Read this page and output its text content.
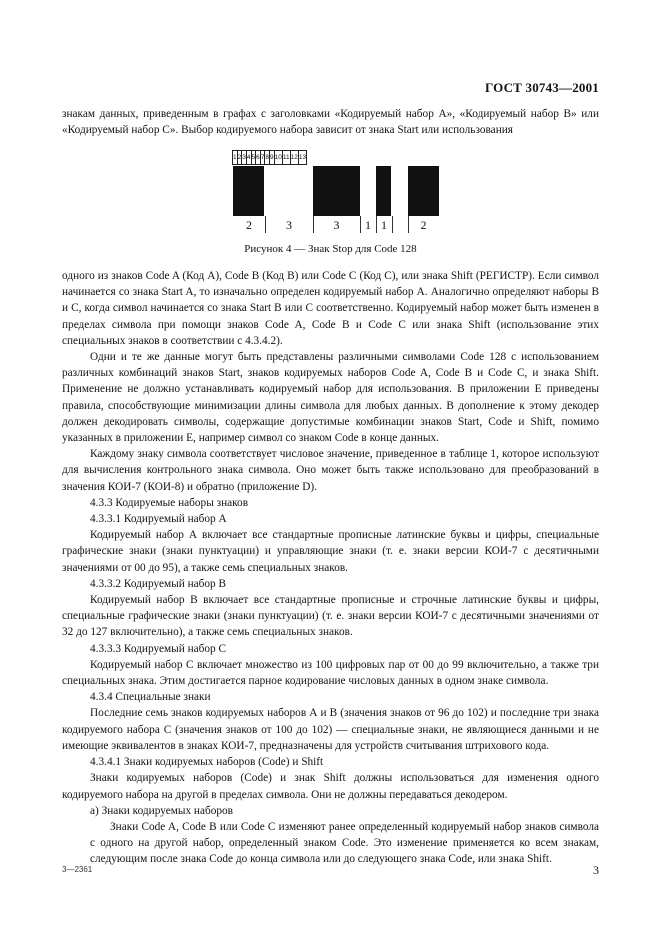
ГОСТ 30743—2001

знакам данных, приведенным в графах с заголовками «Кодируемый набор А», «Кодируемый набор В» или «Кодируемый набор С». Выбор кодируемого набора зависит от знака Start или использования

1	2	3	4	5	6	7	8	9	10	11	12	13
2	3	3	1 1	2
Рисунок 4 — Знак Stop для Code 128

одного из знаков Code A (Код А), Code B (Код В) или Code C (Код С), или знака Shift (РЕГИСТР). Если символ начинается со знака Start A, то изначально определен кодируемый набор А. Аналогично определяют наборы В и С, когда символ начинается со знака Start B или С соответственно. Кодируемый набор может быть изменен в пределах символа при помощи знаков Code A, Code B и Code C или знака Shift (использование этих специальных знаков в соответствии с 4.3.4.2).

Одни и те же данные могут быть представлены различными символами Code 128 с использованием различных комбинаций знаков Start, знаков кодируемых наборов Code A, Code B и Code C, и знака Shift. Применение не должно устанавливать кодируемый набор для использования. В приложении Е приведены правила, способствующие минимизации длины символа для любых данных. В дополнение к этому декодер должен декодировать символы, содержащие допустимые комбинации знаков Start, Code и Shift, помимо указанных в приложении Е, например символ со знаком Code в конце данных.

Каждому знаку символа соответствует числовое значение, приведенное в таблице 1, которое используют для вычисления контрольного знака символа. Оно может быть также использовано для преобразований в значения КОИ-7 (КОИ-8) и обратно (приложение D).

4.3.3 Кодируемые наборы знаков

4.3.3.1 Кодируемый набор А

Кодируемый набор А включает все стандартные прописные латинские буквы и цифры, специальные графические знаки (знаки пунктуации) и управляющие знаки (т. е. знаки версии КОИ-7 с десятичными значениями от 00 до 95), а также семь специальных знаков.

4.3.3.2 Кодируемый набор В

Кодируемый набор В включает все стандартные прописные и строчные латинские буквы и цифры, специальные графические знаки (знаки пунктуации) (т. е. знаки версии КОИ-7 с десятичными значениями от 32 до 127 включительно), а также семь специальных знаков.

4.3.3.3 Кодируемый набор С

Кодируемый набор С включает множество из 100 цифровых пар от 00 до 99 включительно, а также три специальных знака. Этим достигается парное кодирование числовых данных в одном знаке символа.

4.3.4 Специальные знаки

Последние семь знаков кодируемых наборов А и В (значения знаков от 96 до 102) и последние три знака кодируемого набора С (значения знаков от 100 до 102) — специальные знаки, не являющиеся данными и не имеющие эквивалентов в знаках КОИ-7, предназначены для устройств считывания штрихового кода.

4.3.4.1 Знаки кодируемых наборов (Code) и Shift

Знаки кодируемых наборов (Code) и знак Shift должны использоваться для изменения одного кодируемого набора на другой в пределах символа. Они не должны передаваться декодером.

а) Знаки кодируемых наборов

Знаки Code A, Code B или Code C изменяют ранее определенный кодируемый набор знаков символа с одного на другой набор, определенный знаком Code. Это изменение применяется ко всем знакам, следующим после знака Code до конца символа или до следующего знака Code, или знака Shift.

3—2361	3
